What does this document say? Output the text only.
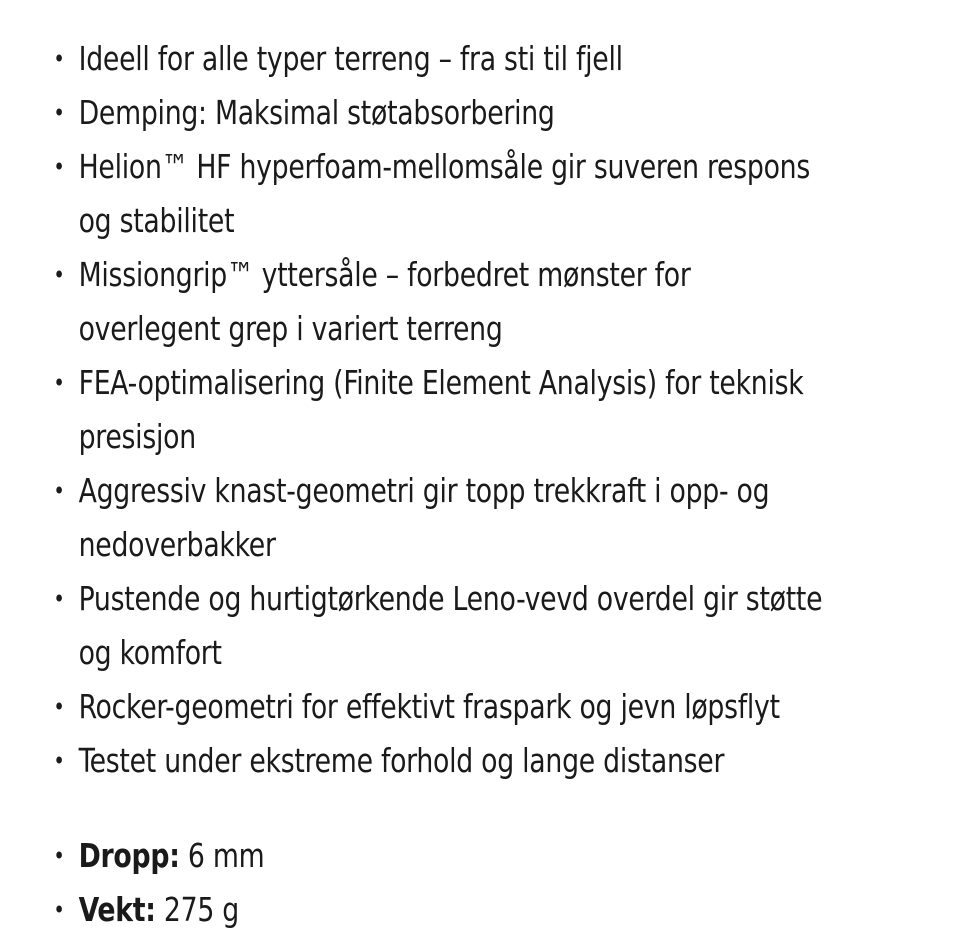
• Ideell for alle typer terreng – fra sti til fjell
• Demping: Maksimal støtabsorbering
• Helion™ HF hyperfoam-mellomsåle gir suveren respons og stabilitet
• Missiongrip™ yttersåle – forbedret mønster for overlegent grep i variert terreng
• FEA-optimalisering (Finite Element Analysis) for teknisk presisjon
• Aggressiv knast-geometri gir topp trekkraft i opp- og nedoverbakker
• Pustende og hurtigtørkende Leno-vevd overdel gir støtte og komfort
• Rocker-geometri for effektivt fraspark og jevn løpsflyt
• Testet under ekstreme forhold og lange distanser
• Dropp: 6 mm
• Vekt: 275 g
